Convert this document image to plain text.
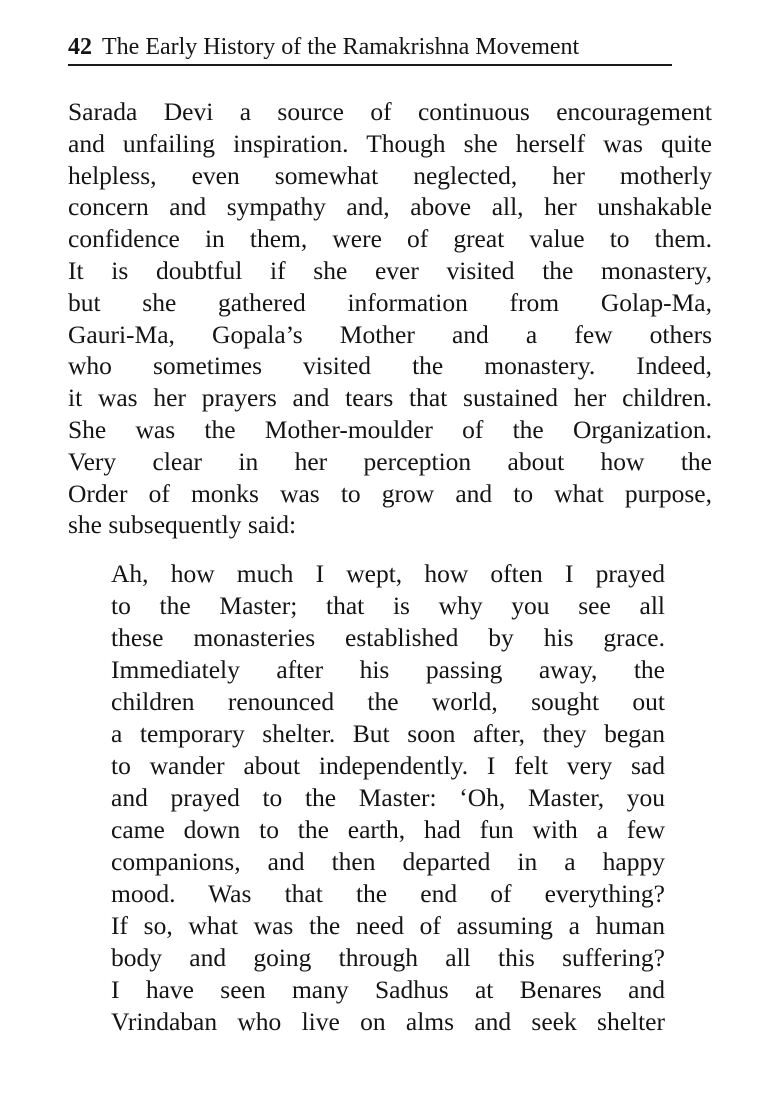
42 The Early History of the Ramakrishna Movement
Sarada Devi a source of continuous encouragement
and unfailing inspiration. Though she herself was quite
helpless, even somewhat neglected, her motherly
concern and sympathy and, above all, her unshakable
confidence in them, were of great value to them.
It is doubtful if she ever visited the monastery,
but she gathered information from Golap-Ma,
Gauri-Ma, Gopala’s Mother and a few others
who sometimes visited the monastery. Indeed,
it was her prayers and tears that sustained her children.
She was the Mother-moulder of the Organization.
Very clear in her perception about how the
Order of monks was to grow and to what purpose,
she subsequently said:
Ah, how much I wept, how often I prayed
to the Master; that is why you see all
these monasteries established by his grace.
Immediately after his passing away, the
children renounced the world, sought out
a temporary shelter. But soon after, they began
to wander about independently. I felt very sad
and prayed to the Master: ‘Oh, Master, you
came down to the earth, had fun with a few
companions, and then departed in a happy
mood. Was that the end of everything?
If so, what was the need of assuming a human
body and going through all this suffering?
I have seen many Sadhus at Benares and
Vrindaban who live on alms and seek shelter
